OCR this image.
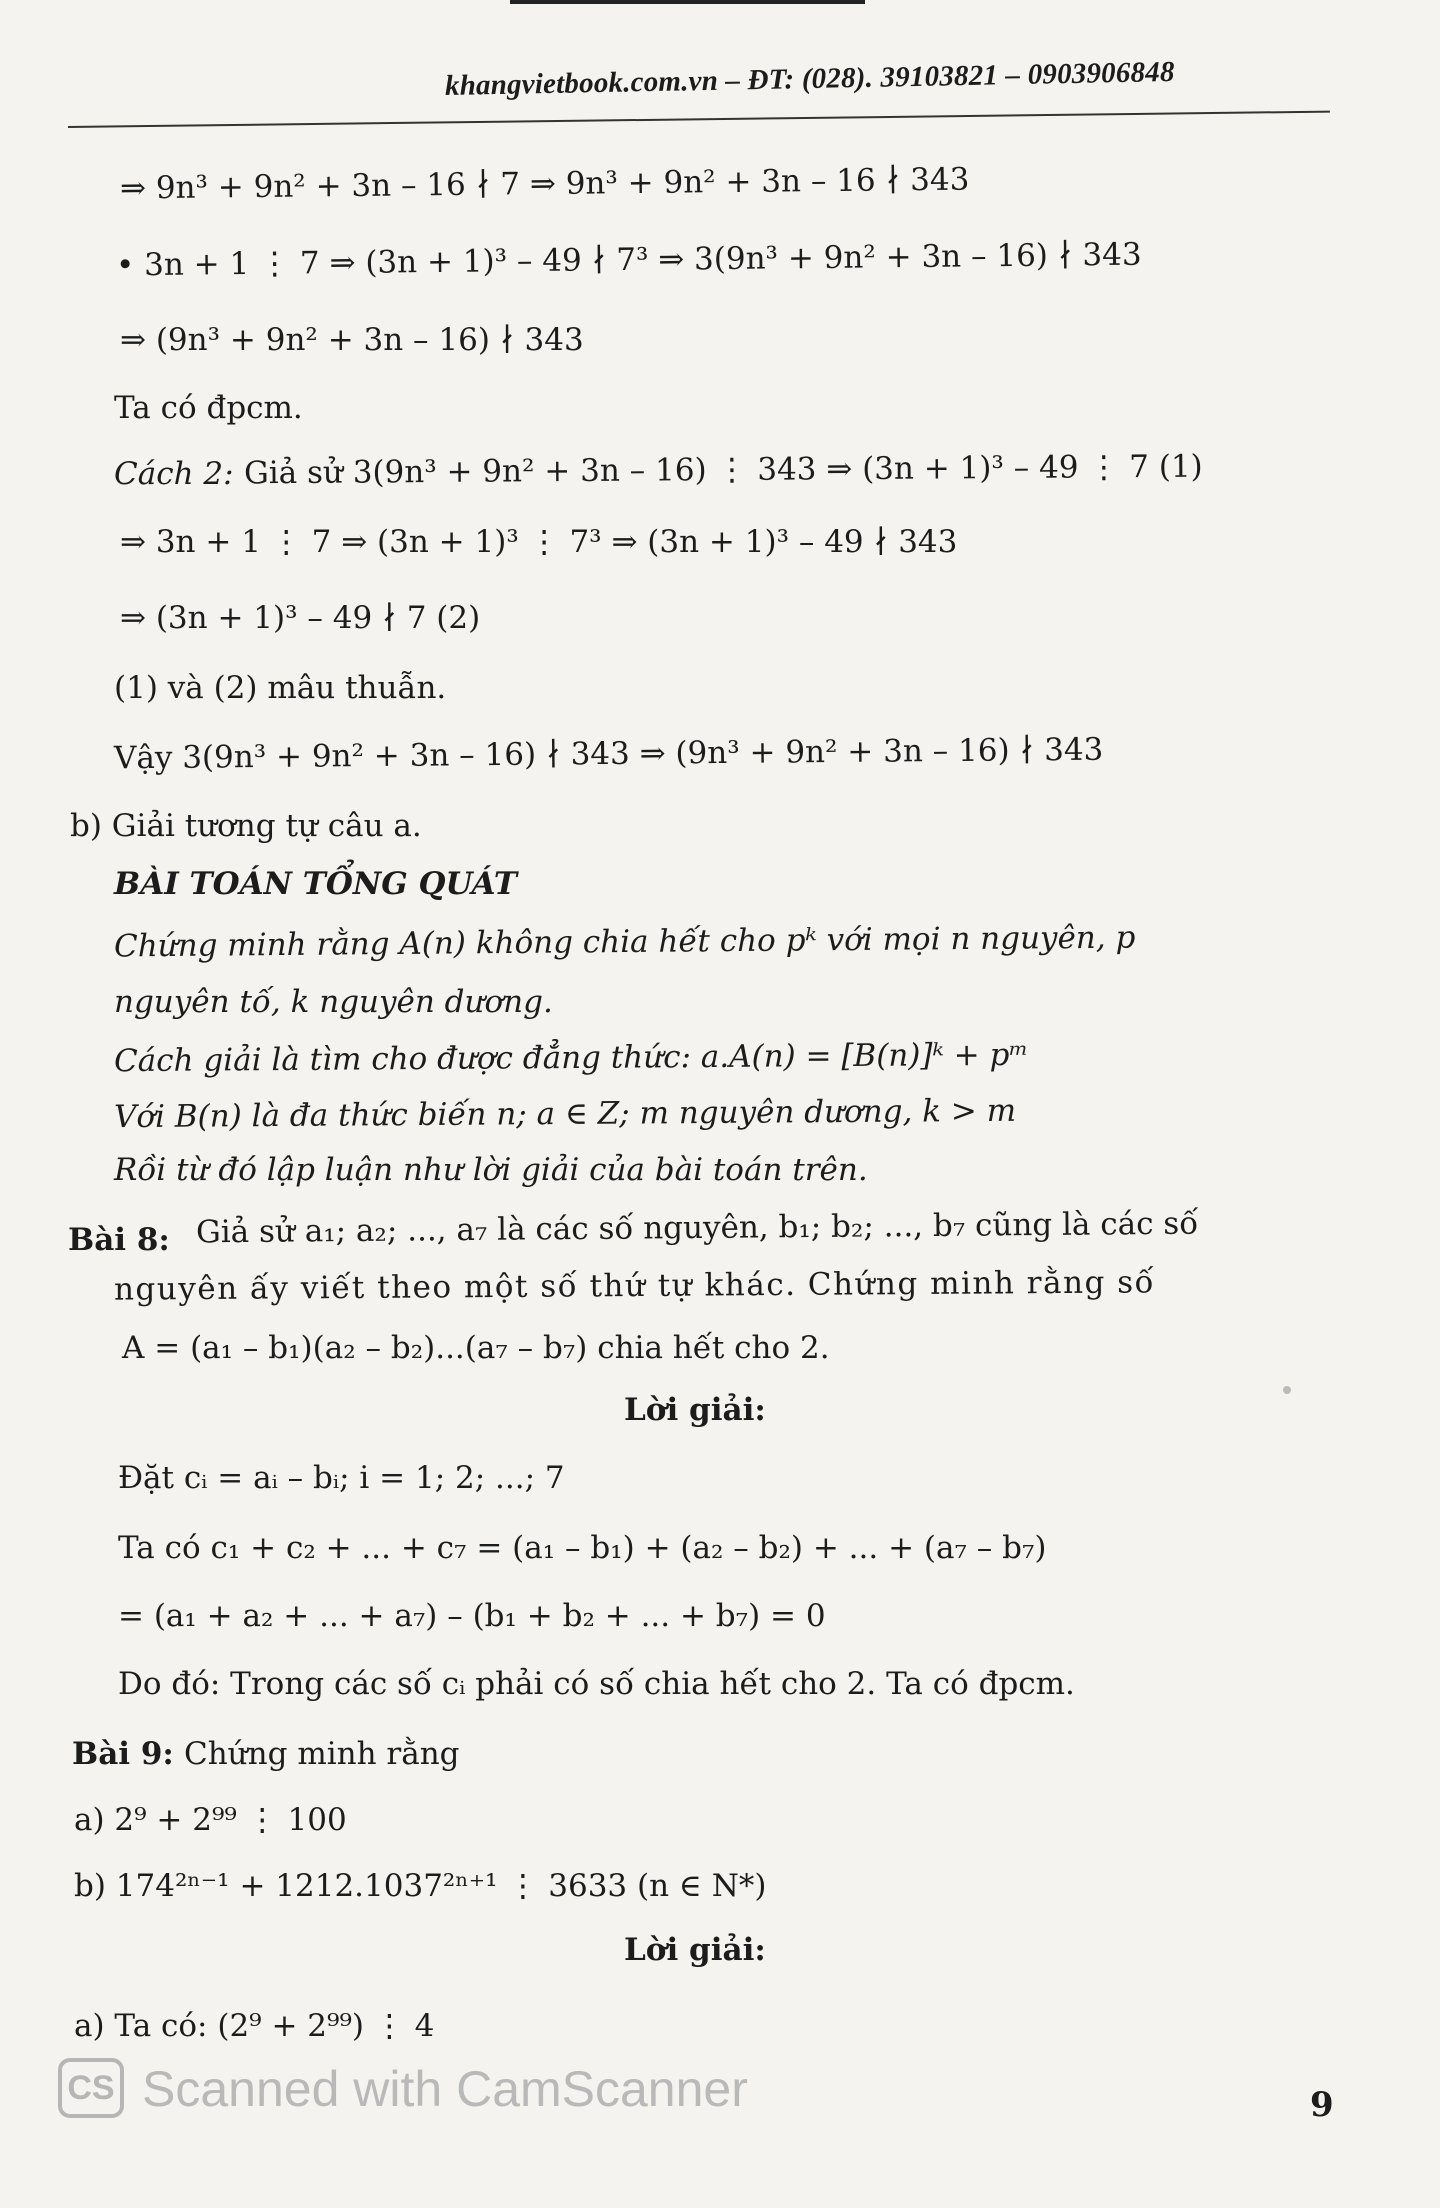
khangvietbook.com.vn – ĐT: (028). 39103821 – 0903906848
⇒ 9n³ + 9n² + 3n – 16 ∤ 7 ⇒ 9n³ + 9n² + 3n – 16 ∤ 343
• 3n + 1 ⋮ 7 ⇒ (3n + 1)³ – 49 ∤ 7³ ⇒ 3(9n³ + 9n² + 3n – 16) ∤ 343
⇒ (9n³ + 9n² + 3n – 16) ∤ 343
Ta có đpcm.
Cách 2: Giả sử 3(9n³ + 9n² + 3n – 16) ⋮ 343 ⇒ (3n + 1)³ – 49 ⋮ 7 (1)
⇒ 3n + 1 ⋮ 7 ⇒ (3n + 1)³ ⋮ 7³ ⇒ (3n + 1)³ – 49 ∤ 343
⇒ (3n + 1)³ – 49 ∤ 7 (2)
(1) và (2) mâu thuẫn.
Vậy 3(9n³ + 9n² + 3n – 16) ∤ 343 ⇒ (9n³ + 9n² + 3n – 16) ∤ 343
b) Giải tương tự câu a.
BÀI TOÁN TỔNG QUÁT
Chứng minh rằng A(n) không chia hết cho pᵏ với mọi n nguyên, p
nguyên tố, k nguyên dương.
Cách giải là tìm cho được đẳng thức: a.A(n) = [B(n)]ᵏ + pᵐ
Với B(n) là đa thức biến n; a ∈ Z; m nguyên dương, k > m
Rồi từ đó lập luận như lời giải của bài toán trên.
Bài 8: Giả sử a₁; a₂; ..., a₇ là các số nguyên, b₁; b₂; ..., b₇ cũng là các số
nguyên ấy viết theo một số thứ tự khác. Chứng minh rằng số
A = (a₁ – b₁)(a₂ – b₂)...(a₇ – b₇) chia hết cho 2.
Lời giải:
Đặt cᵢ = aᵢ – bᵢ; i = 1; 2; ...; 7
Ta có c₁ + c₂ + ... + c₇ = (a₁ – b₁) + (a₂ – b₂) + ... + (a₇ – b₇)
= (a₁ + a₂ + ... + a₇) – (b₁ + b₂ + ... + b₇) = 0
Do đó: Trong các số cᵢ phải có số chia hết cho 2. Ta có đpcm.
Bài 9: Chứng minh rằng
a) 2⁹ + 2⁹⁹ ⋮ 100
b) 174²ⁿ⁻¹ + 1212.1037²ⁿ⁺¹ ⋮ 3633 (n ∈ N*)
Lời giải:
a) Ta có: (2⁹ + 2⁹⁹) ⋮ 4
CS Scanned with CamScanner	9
